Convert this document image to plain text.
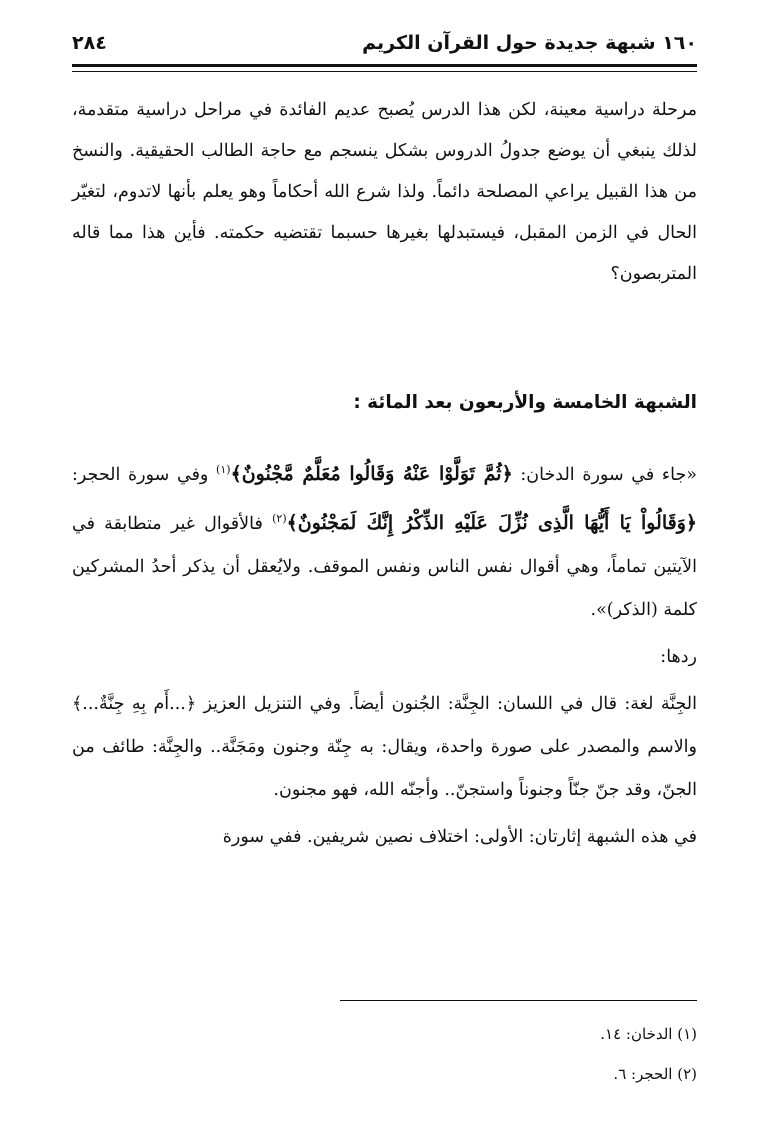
١٦٠ شبهة جديدة حول القرآن الكريم
٢٨٤

مرحلة دراسية معينة، لكن هذا الدرس يُصبح عديم الفائدة في مراحل دراسية متقدمة، لذلك ينبغي أن يوضع جدولُ الدروس بشكل ينسجم مع حاجة الطالب الحقيقية. والنسخ من هذا القبيل يراعي المصلحة دائماً. ولذا شرع الله أحكاماً وهو يعلم بأنها لاتدوم، لتغيّر الحال في الزمن المقبل، فيستبدلها بغيرها حسبما تقتضيه حكمته. فأين هذا مما قاله المتربصون؟

الشبهة الخامسة والأربعون بعد المائة :

«جاء في سورة الدخان: ﴿ثُمَّ تَوَلَّوْا عَنْهُ وَقَالُوا مُعَلَّمٌ مَّجْنُونٌ﴾$^{(١)}$ وفي سورة الحجر: ﴿وَقَالُواْ يَا أَيُّهَا الَّذِى نُزِّلَ عَلَيْهِ الذِّكْرُ إِنَّكَ لَمَجْنُونٌ﴾$^{(٢)}$ فالأقوال غير متطابقة في الآيتين تماماً، وهي أقوال نفس الناس ونفس الموقف. ولايُعقل أن يذكر أحدُ المشركين كلمة (الذكر)».

ردها:

الجِنَّة لغة: قال في اللسان: الجِنَّة: الجُنون أيضاً. وفي التنزيل العزيز ﴿...أَم بِهِ جِنَّةٌ...﴾ والاسم والمصدر على صورة واحدة، ويقال: به جِنّة وجنون ومَجَنَّة.. والجِنَّة: طائف من الجنّ، وقد جنّ جنّاً وجنوناً واستجنّ.. وأجنّه الله، فهو مجنون.

في هذه الشبهة إثارتان: الأولى: اختلاف نصين شريفين. ففي سورة

(١) الدخان: ١٤.
(٢) الحجر: ٦.
